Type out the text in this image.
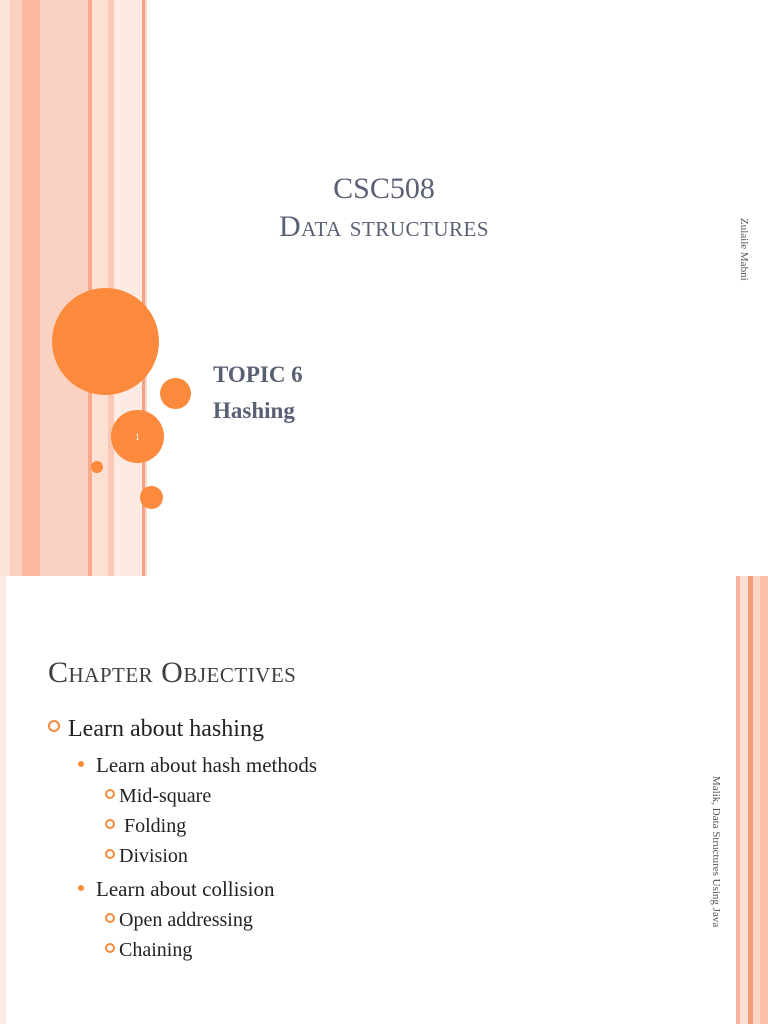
1
CSC508
Data structures
TOPIC 6
Hashing
Zulaile Mabni
Chapter Objectives
Learn about hashing
Learn about hash methods
Mid-square
Folding
Division
Learn about collision
Open addressing
Chaining
Malik, Data Structures Using Java
